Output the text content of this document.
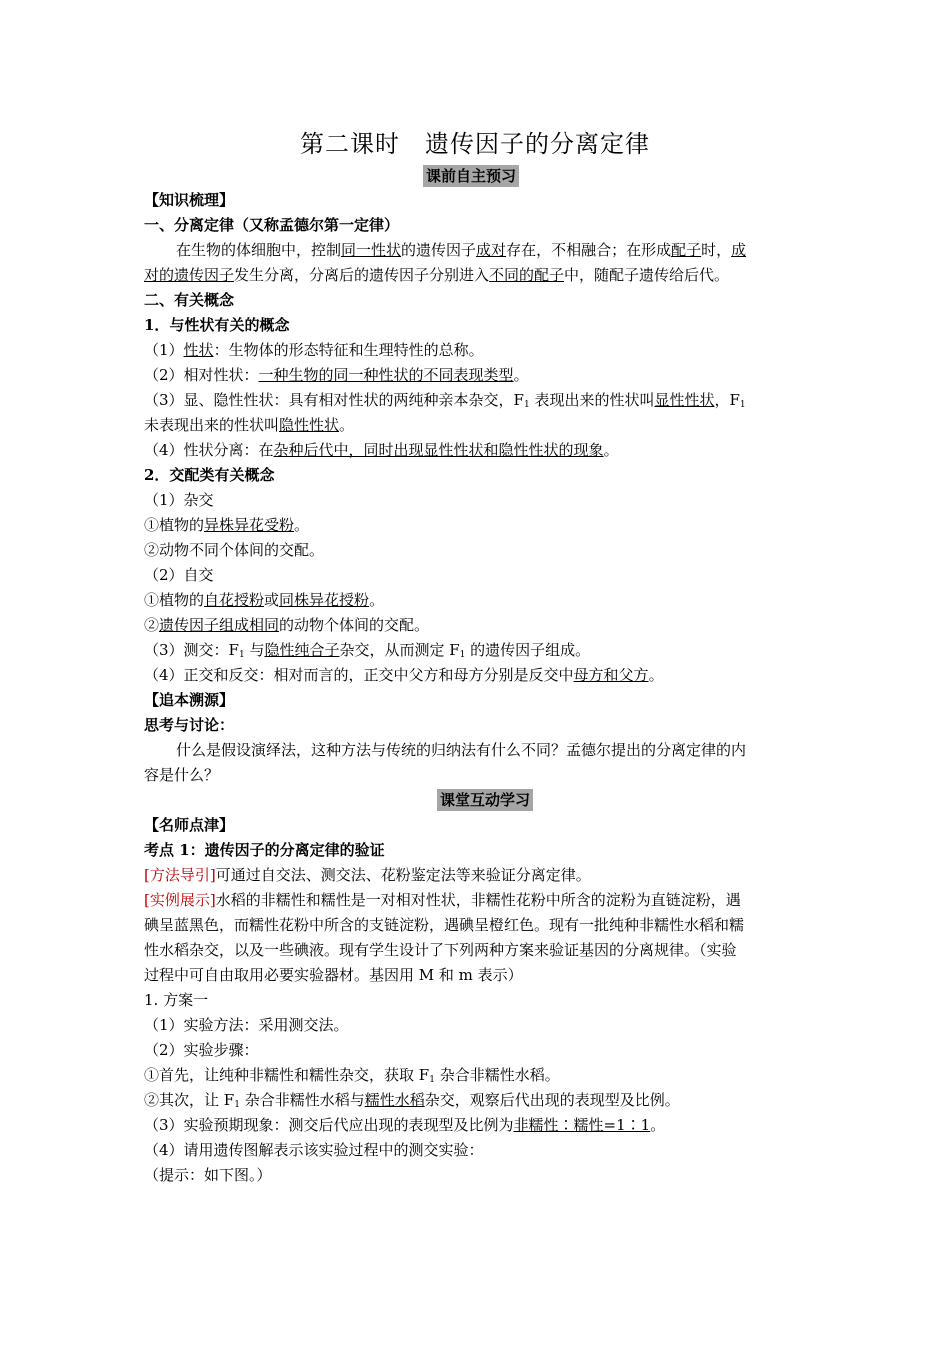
第二课时　遗传因子的分离定律
课前自主预习
【知识梳理】
一、分离定律（又称孟德尔第一定律）
在生物的体细胞中，控制同一性状的遗传因子成对存在，不相融合；在形成配子时，成
对的遗传因子发生分离，分离后的遗传因子分别进入不同的配子中，随配子遗传给后代。
二、有关概念
1．与性状有关的概念
（1）性状：生物体的形态特征和生理特性的总称。
（2）相对性状：一种生物的同一种性状的不同表现类型。
（3）显、隐性性状：具有相对性状的两纯种亲本杂交，$F_1$ 表现出来的性状叫显性性状，$F_1$
未表现出来的性状叫隐性性状。
（4）性状分离：在杂种后代中，同时出现显性性状和隐性性状的现象。
2．交配类有关概念
（1）杂交
①植物的异株异花受粉。
②动物不同个体间的交配。
（2）自交
①植物的自花授粉或同株异花授粉。
②遗传因子组成相同的动物个体间的交配。
（3）测交：$F_1$ 与隐性纯合子杂交，从而测定 $F_1$ 的遗传因子组成。
（4）正交和反交：相对而言的，正交中父方和母方分别是反交中母方和父方。
【追本溯源】
思考与讨论：
什么是假设演绎法，这种方法与传统的归纳法有什么不同？孟德尔提出的分离定律的内
容是什么？
课堂互动学习
【名师点津】
考点 1：遗传因子的分离定律的验证
[方法导引]可通过自交法、测交法、花粉鉴定法等来验证分离定律。
[实例展示]水稻的非糯性和糯性是一对相对性状，非糯性花粉中所含的淀粉为直链淀粉，遇
碘呈蓝黑色，而糯性花粉中所含的支链淀粉，遇碘呈橙红色。现有一批纯种非糯性水稻和糯
性水稻杂交，以及一些碘液。现有学生设计了下列两种方案来验证基因的分离规律。（实验
过程中可自由取用必要实验器材。基因用 M 和 m 表示）
1. 方案一
（1）实验方法：采用测交法。
（2）实验步骤：
①首先，让纯种非糯性和糯性杂交，获取 $F_1$ 杂合非糯性水稻。
②其次，让 $F_1$ 杂合非糯性水稻与糯性水稻杂交，观察后代出现的表现型及比例。
（3）实验预期现象：测交后代应出现的表现型及比例为非糯性∶糯性=1∶1。
（4）请用遗传图解表示该实验过程中的测交实验：
（提示：如下图。）
